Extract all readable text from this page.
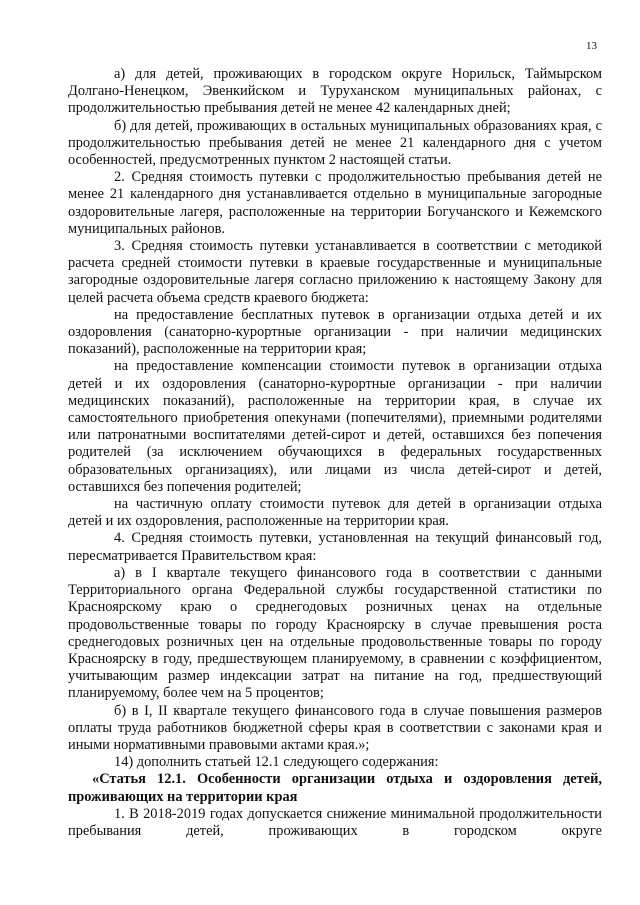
13

а) для детей, проживающих в городском округе Норильск, Таймырском Долгано-Ненецком, Эвенкийском и Туруханском муниципальных районах, с продолжительностью пребывания детей не менее 42 календарных дней;

б) для детей, проживающих в остальных муниципальных образованиях края, с продолжительностью пребывания детей не менее 21 календарного дня с учетом особенностей, предусмотренных пунктом 2 настоящей статьи.

2. Средняя стоимость путевки с продолжительностью пребывания детей не менее 21 календарного дня устанавливается отдельно в муниципальные загородные оздоровительные лагеря, расположенные на территории Богучанского и Кежемского муниципальных районов.

3. Средняя стоимость путевки устанавливается в соответствии с методикой расчета средней стоимости путевки в краевые государственные и муниципальные загородные оздоровительные лагеря согласно приложению к настоящему Закону для целей расчета объема средств краевого бюджета:

на предоставление бесплатных путевок в организации отдыха детей и их оздоровления (санаторно-курортные организации - при наличии медицинских показаний), расположенные на территории края;

на предоставление компенсации стоимости путевок в организации отдыха детей и их оздоровления (санаторно-курортные организации - при наличии медицинских показаний), расположенные на территории края, в случае их самостоятельного приобретения опекунами (попечителями), приемными родителями или патронатными воспитателями детей-сирот и детей, оставшихся без попечения родителей (за исключением обучающихся в федеральных государственных образовательных организациях), или лицами из числа детей-сирот и детей, оставшихся без попечения родителей;

на частичную оплату стоимости путевок для детей в организации отдыха детей и их оздоровления, расположенные на территории края.

4. Средняя стоимость путевки, установленная на текущий финансовый год, пересматривается Правительством края:

а) в I квартале текущего финансового года в соответствии с данными Территориального органа Федеральной службы государственной статистики по Красноярскому краю о среднегодовых розничных ценах на отдельные продовольственные товары по городу Красноярску в случае превышения роста среднегодовых розничных цен на отдельные продовольственные товары по городу Красноярску в году, предшествующем планируемому, в сравнении с коэффициентом, учитывающим размер индексации затрат на питание на год, предшествующий планируемому, более чем на 5 процентов;

б) в I, II квартале текущего финансового года в случае повышения размеров оплаты труда работников бюджетной сферы края в соответствии с законами края и иными нормативными правовыми актами края.»;

14) дополнить статьей 12.1 следующего содержания:

«Статья 12.1. Особенности организации отдыха и оздоровления детей, проживающих на территории края

1. В 2018-2019 годах допускается снижение минимальной продолжительности пребывания детей, проживающих в городском округе
